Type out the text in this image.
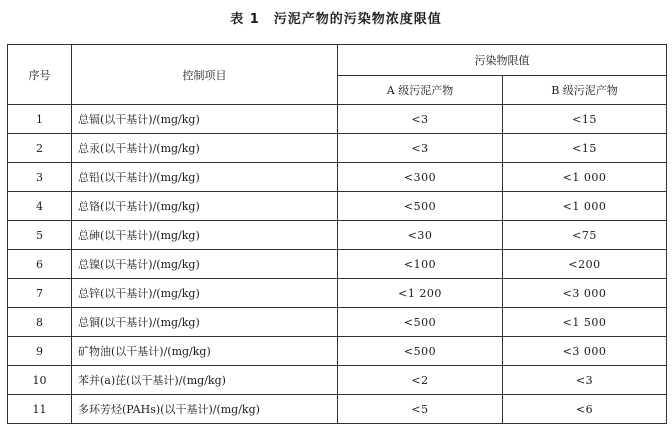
表 1 污泥产物的污染物浓度限值
序号	控制项目	污染物限值	
		A 级污泥产物	B 级污泥产物
1	总镉(以干基计)/(mg/kg)	<3	<15
2	总汞(以干基计)/(mg/kg)	<3	<15
3	总铅(以干基计)/(mg/kg)	<300	<1 000
4	总铬(以干基计)/(mg/kg)	<500	<1 000
5	总砷(以干基计)/(mg/kg)	<30	<75
6	总镍(以干基计)/(mg/kg)	<100	<200
7	总锌(以干基计)/(mg/kg)	<1 200	<3 000
8	总铜(以干基计)/(mg/kg)	<500	<1 500
9	矿物油(以干基计)/(mg/kg)	<500	<3 000
10	苯并(a)芘(以干基计)/(mg/kg)	<2	<3
11	多环芳烃(PAHs)(以干基计)/(mg/kg)	<5	<6
